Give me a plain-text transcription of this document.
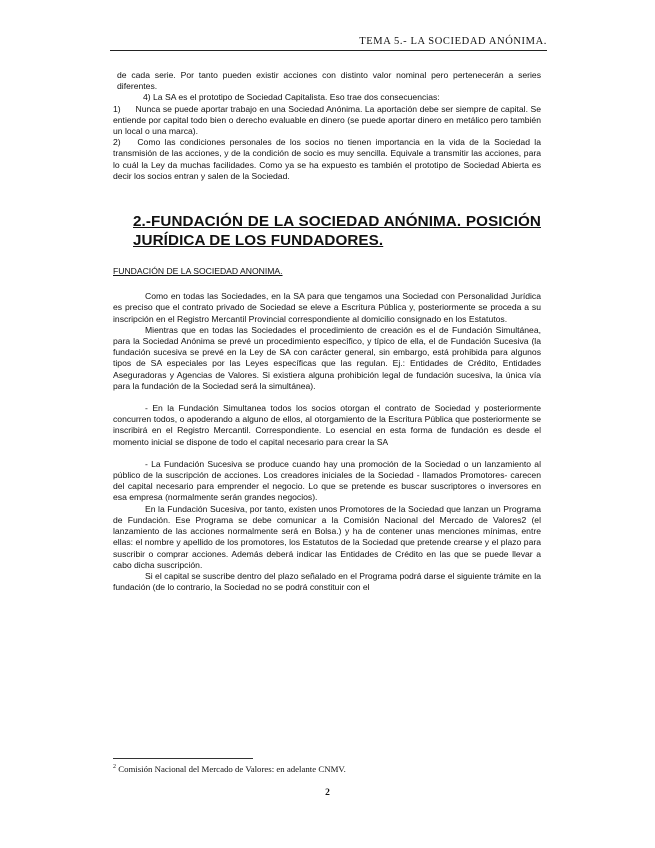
TEMA 5.- LA SOCIEDAD ANÓNIMA.

de cada serie. Por tanto pueden existir acciones con distinto valor nominal pero pertenecerán a series diferentes.

4) La SA es el prototipo de Sociedad Capitalista. Eso trae dos consecuencias:

1) Nunca se puede aportar trabajo en una Sociedad Anónima. La aportación debe ser siempre de capital. Se entiende por capital todo bien o derecho evaluable en dinero (se puede aportar dinero en metálico pero también un local o una marca).

2) Como las condiciones personales de los socios no tienen importancia en la vida de la Sociedad la transmisión de las acciones, y de la condición de socio es muy sencilla. Equivale a transmitir las acciones, para lo cuál la Ley da muchas facilidades. Como ya se ha expuesto es también el prototipo de Sociedad Abierta es decir los socios entran y salen de la Sociedad.

2.-FUNDACIÓN DE LA SOCIEDAD ANÓNIMA. POSICIÓN JURÍDICA DE LOS FUNDADORES.
FUNDACIÓN DE LA SOCIEDAD ANONIMA.

Como en todas las Sociedades, en la SA para que tengamos una Sociedad con Personalidad Jurídica es preciso que el contrato privado de Sociedad se eleve a Escritura Pública y, posteriormente se proceda a su inscripción en el Registro Mercantil Provincial correspondiente al domicilio consignado en los Estatutos.

Mientras que en todas las Sociedades el procedimiento de creación es el de Fundación Simultánea, para la Sociedad Anónima se prevé un procedimiento específico, y típico de ella, el de Fundación Sucesiva (la fundación sucesiva se prevé en la Ley de SA con carácter general, sin embargo, está prohibida para algunos tipos de SA especiales por las Leyes específicas que las regulan. Ej.: Entidades de Crédito, Entidades Aseguradoras y Agencias de Valores. Si existiera alguna prohibición legal de fundación sucesiva, la única vía para la fundación de la Sociedad será la simultánea).

- En la Fundación Simultanea todos los socios otorgan el contrato de Sociedad y posteriormente concurren todos, o apoderando a alguno de ellos, al otorgamiento de la Escritura Pública que posteriormente se inscribirá en el Registro Mercantil. Correspondiente. Lo esencial en esta forma de fundación es desde el momento inicial se dispone de todo el capital necesario para crear la SA

- La Fundación Sucesiva se produce cuando hay una promoción de la Sociedad o un lanzamiento al público de la suscripción de acciones. Los creadores iniciales de la Sociedad - llamados Promotores- carecen del capital necesario para emprender el negocio. Lo que se pretende es buscar suscriptores o inversores en esa empresa (normalmente serán grandes negocios).

En la Fundación Sucesiva, por tanto, existen unos Promotores de la Sociedad que lanzan un Programa de Fundación. Ese Programa se debe comunicar a la Comisión Nacional del Mercado de Valores2 (el lanzamiento de las acciones normalmente será en Bolsa.) y ha de contener unas menciones mínimas, entre ellas: el nombre y apellido de los promotores, los Estatutos de la Sociedad que pretende crearse y el plazo para suscribir o comprar acciones. Además deberá indicar las Entidades de Crédito en las que se puede llevar a cabo dicha suscripción.

Si el capital se suscribe dentro del plazo señalado en el Programa podrá darse el siguiente trámite en la fundación (de lo contrario, la Sociedad no se podrá constituir con el

$^2$ Comisión Nacional del Mercado de Valores: en adelante CNMV.
2
